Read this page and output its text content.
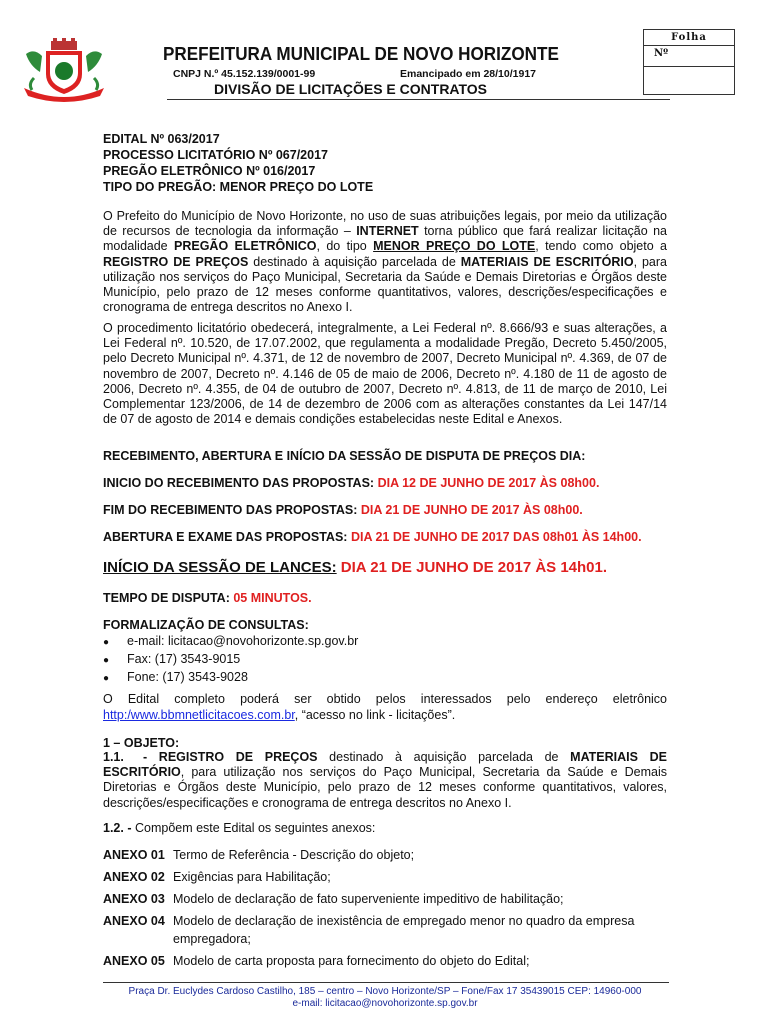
PREFEITURA MUNICIPAL DE NOVO HORIZONTE
CNPJ N.º 45.152.139/0001-99	Emancipado em 28/10/1917
DIVISÃO DE LICITAÇÕES E CONTRATOS
Folha
Nº
EDITAL Nº 063/2017
PROCESSO LICITATÓRIO Nº 067/2017
PREGÃO ELETRÔNICO Nº 016/2017
TIPO DO PREGÃO: MENOR PREÇO DO LOTE

O Prefeito do Município de Novo Horizonte, no uso de suas atribuições legais, por meio da utilização de recursos de tecnologia da informação – INTERNET torna público que fará realizar licitação na modalidade PREGÃO ELETRÔNICO, do tipo MENOR PREÇO DO LOTE, tendo como objeto a REGISTRO DE PREÇOS destinado à aquisição parcelada de MATERIAIS DE ESCRITÓRIO, para utilização nos serviços do Paço Municipal, Secretaria da Saúde e Demais Diretorias e Órgãos deste Município, pelo prazo de 12 meses conforme quantitativos, valores, descrições/especificações e cronograma de entrega descritos no Anexo I.

O procedimento licitatório obedecerá, integralmente, a Lei Federal nº. 8.666/93 e suas alterações, a Lei Federal nº. 10.520, de 17.07.2002, que regulamenta a modalidade Pregão, Decreto 5.450/2005, pelo Decreto Municipal nº. 4.371, de 12 de novembro de 2007, Decreto Municipal nº. 4.369, de 07 de novembro de 2007, Decreto nº. 4.146 de 05 de maio de 2006, Decreto nº. 4.180 de 11 de agosto de 2006, Decreto nº. 4.355, de 04 de outubro de 2007, Decreto nº. 4.813, de 11 de março de 2010, Lei Complementar 123/2006, de 14 de dezembro de 2006 com as alterações constantes da Lei 147/14 de 07 de agosto de 2014 e demais condições estabelecidas neste Edital e Anexos.

RECEBIMENTO, ABERTURA E INÍCIO DA SESSÃO DE DISPUTA DE PREÇOS DIA:
INICIO DO RECEBIMENTO DAS PROPOSTAS: DIA 12 DE JUNHO DE 2017 ÀS 08h00.
FIM DO RECEBIMENTO DAS PROPOSTAS: DIA 21 DE JUNHO DE 2017 ÀS 08h00.
ABERTURA E EXAME DAS PROPOSTAS: DIA 21 DE JUNHO DE 2017 DAS 08h01 ÀS 14h00.
INÍCIO DA SESSÃO DE LANCES: DIA 21 DE JUNHO DE 2017 ÀS 14h01.
TEMPO DE DISPUTA: 05 MINUTOS.
FORMALIZAÇÃO DE CONSULTAS:
● e-mail: licitacao@novohorizonte.sp.gov.br
● Fax: (17) 3543-9015
● Fone: (17) 3543-9028

O Edital completo poderá ser obtido pelos interessados pelo endereço eletrônico

http:/www.bbmnetlicitacoes.com.br, “acesso no link - licitações”.
1 – OBJETO:

1.1. - REGISTRO DE PREÇOS destinado à aquisição parcelada de MATERIAIS DE ESCRITÓRIO, para utilização nos serviços do Paço Municipal, Secretaria da Saúde e Demais Diretorias e Órgãos deste Município, pelo prazo de 12 meses conforme quantitativos, valores, descrições/especificações e cronograma de entrega descritos no Anexo I.

1.2. - Compõem este Edital os seguintes anexos:
ANEXO 01 Termo de Referência - Descrição do objeto;
ANEXO 02 Exigências para Habilitação;
ANEXO 03 Modelo de declaração de fato superveniente impeditivo de habilitação;
ANEXO 04 Modelo de declaração de inexistência de empregado menor no quadro da empresa
empregadora;
ANEXO 05 Modelo de carta proposta para fornecimento do objeto do Edital;
Praça Dr. Euclydes Cardoso Castilho, 185 – centro – Novo Horizonte/SP – Fone/Fax 17 35439015 CEP: 14960-000
e-mail: licitacao@novohorizonte.sp.gov.br
